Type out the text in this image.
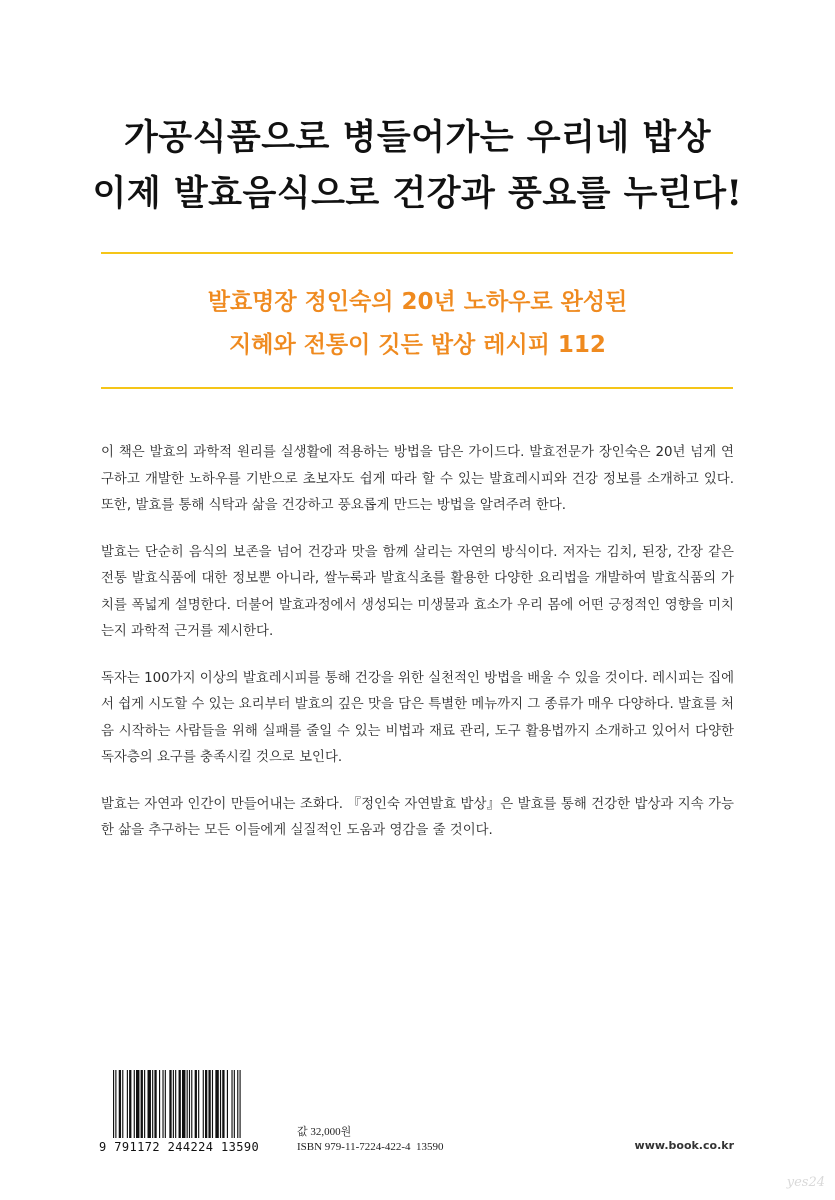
가공식품으로 병들어가는 우리네 밥상
이제 발효음식으로 건강과 풍요를 누린다!
발효명장 정인숙의 20년 노하우로 완성된
지혜와 전통이 깃든 밥상 레시피 112

이 책은 발효의 과학적 원리를 실생활에 적용하는 방법을 담은 가이드다. 발효전문가 장인숙은 20년 넘게 연구하고 개발한 노하우를 기반으로 초보자도 쉽게 따라 할 수 있는 발효레시피와 건강 정보를 소개하고 있다. 또한, 발효를 통해 식탁과 삶을 건강하고 풍요롭게 만드는 방법을 알려주려 한다.

발효는 단순히 음식의 보존을 넘어 건강과 맛을 함께 살리는 자연의 방식이다. 저자는 김치, 된장, 간장 같은 전통 발효식품에 대한 정보뿐 아니라, 쌀누룩과 발효식초를 활용한 다양한 요리법을 개발하여 발효식품의 가치를 폭넓게 설명한다. 더불어 발효과정에서 생성되는 미생물과 효소가 우리 몸에 어떤 긍정적인 영향을 미치는지 과학적 근거를 제시한다.

독자는 100가지 이상의 발효레시피를 통해 건강을 위한 실천적인 방법을 배울 수 있을 것이다. 레시피는 집에서 쉽게 시도할 수 있는 요리부터 발효의 깊은 맛을 담은 특별한 메뉴까지 그 종류가 매우 다양하다. 발효를 처음 시작하는 사람들을 위해 실패를 줄일 수 있는 비법과 재료 관리, 도구 활용법까지 소개하고 있어서 다양한 독자층의 요구를 충족시킬 것으로 보인다.

발효는 자연과 인간이 만들어내는 조화다. 『정인숙 자연발효 밥상』은 발효를 통해 건강한 밥상과 지속 가능한 삶을 추구하는 모든 이들에게 실질적인 도움과 영감을 줄 것이다.

9 791172 244224 13590
값 32,000원
ISBN 979-11-7224-422-4  13590	www.book.co.kr
yes24
